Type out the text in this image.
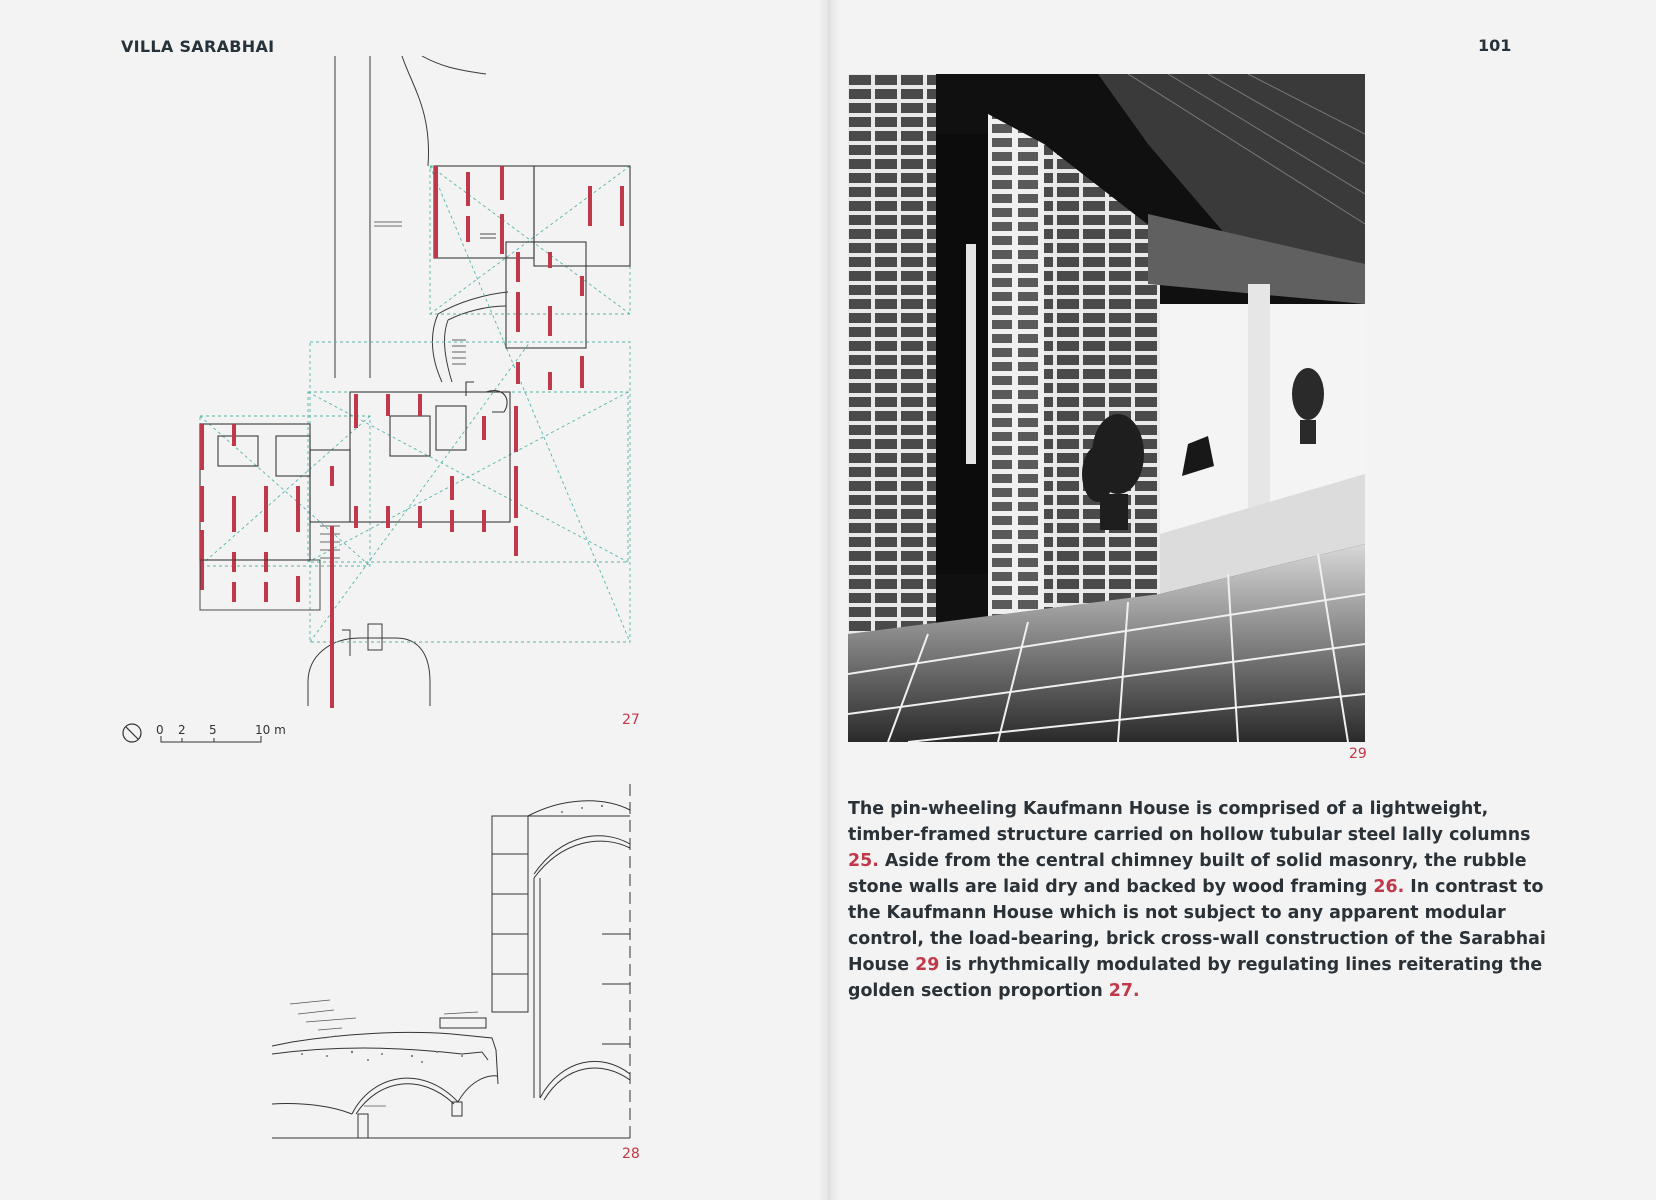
VILLA SARABHAI	101
0 2 5	10 m
27
28
29

The pin-wheeling Kaufmann House is comprised of a lightweight, timber-framed structure carried on hollow tubular steel lally columns 25. Aside from the central chimney built of solid masonry, the rubble stone walls are laid dry and backed by wood framing 26. In contrast to the Kaufmann House which is not subject to any apparent modular control, the load-bearing, brick cross-wall construction of the Sarabhai House 29 is rhythmically modulated by regulating lines reiterating the golden section proportion 27.
